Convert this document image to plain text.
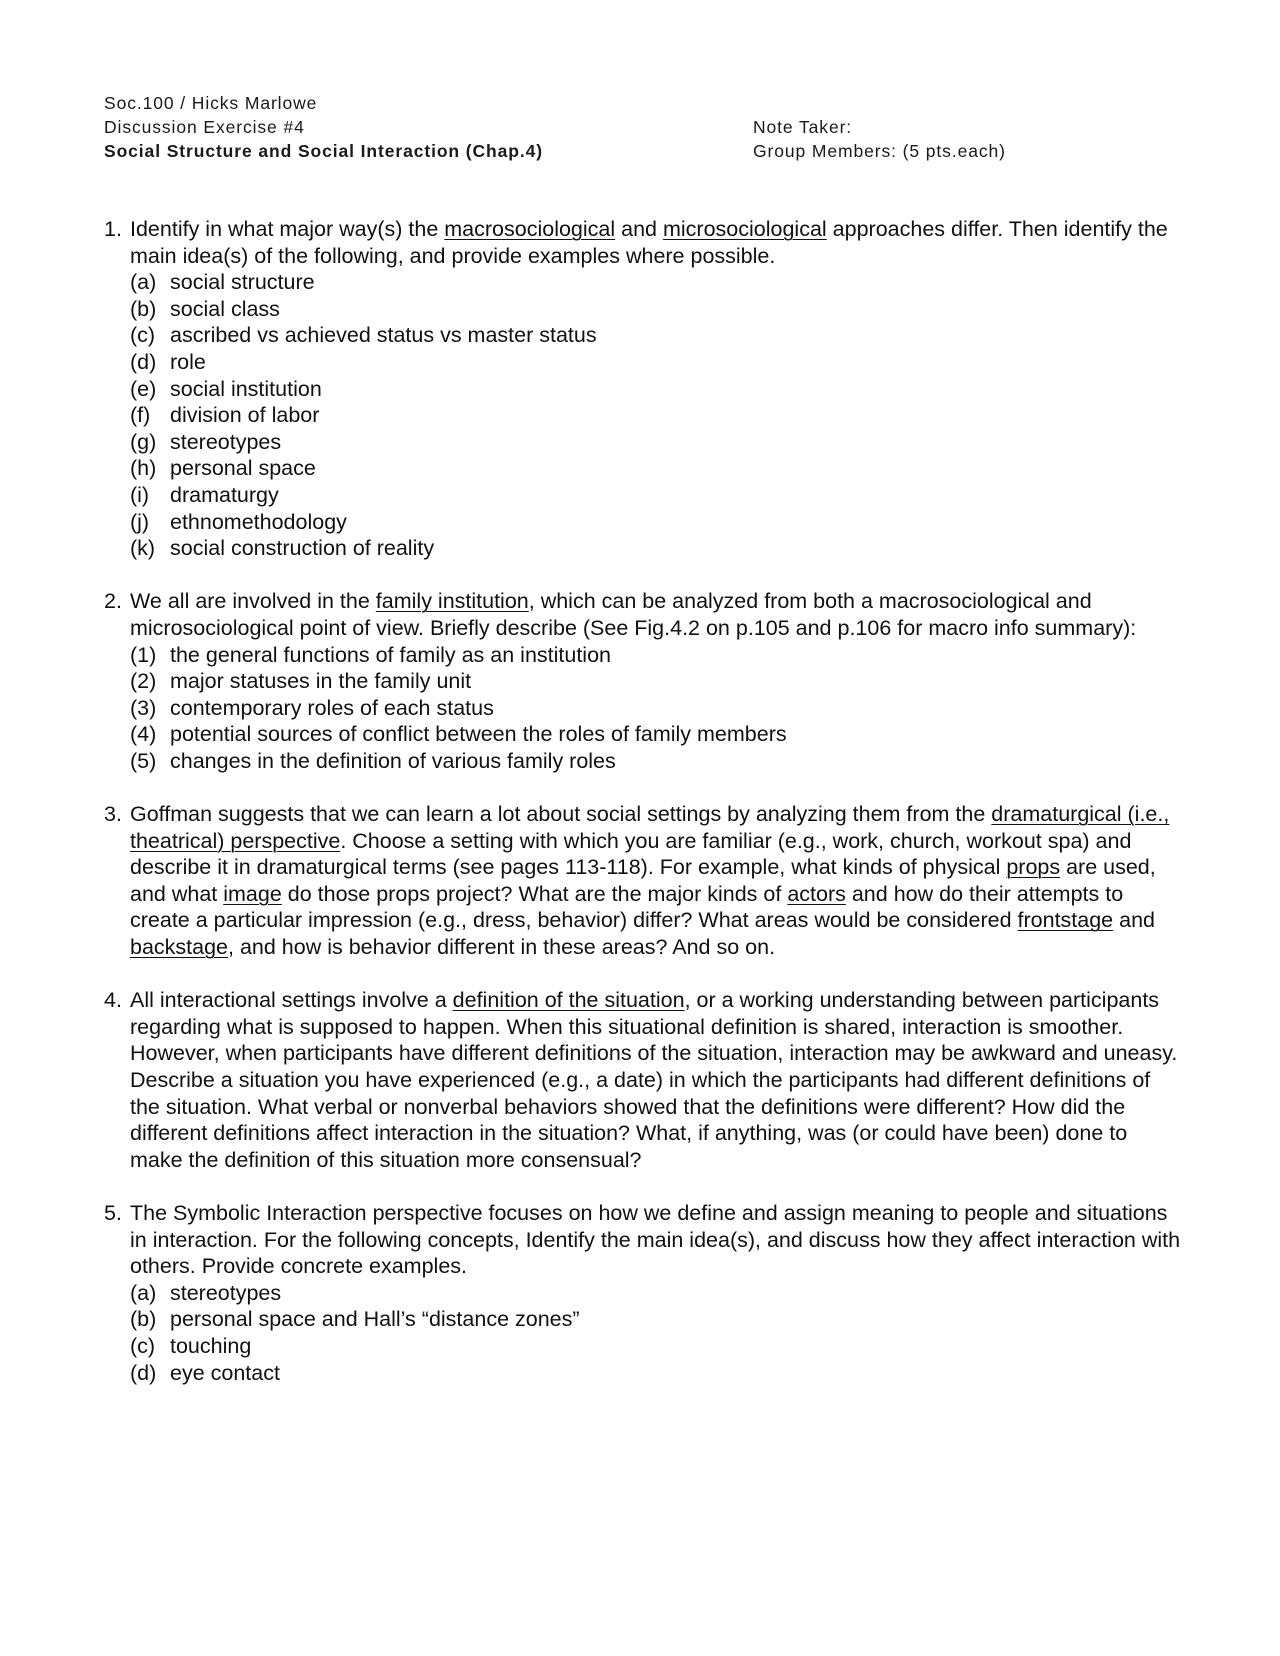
Soc.100 / Hicks Marlowe
Discussion Exercise #4
Social Structure and Social Interaction (Chap.4)
Note Taker:
Group Members: (5 pts.each)
1. Identify in what major way(s) the macrosociological and microsociological approaches differ. Then identify the main idea(s) of the following, and provide examples where possible.
(a) social structure
(b) social class
(c) ascribed vs achieved status vs master status
(d) role
(e) social institution
(f) division of labor
(g) stereotypes
(h) personal space
(i) dramaturgy
(j) ethnomethodology
(k) social construction of reality
2. We all are involved in the family institution, which can be analyzed from both a macrosociological and microsociological point of view. Briefly describe (See Fig.4.2 on p.105 and p.106 for macro info summary):
(1) the general functions of family as an institution
(2) major statuses in the family unit
(3) contemporary roles of each status
(4) potential sources of conflict between the roles of family members
(5) changes in the definition of various family roles
3. Goffman suggests that we can learn a lot about social settings by analyzing them from the dramaturgical (i.e., theatrical) perspective. Choose a setting with which you are familiar (e.g., work, church, workout spa) and describe it in dramaturgical terms (see pages 113-118). For example, what kinds of physical props are used, and what image do those props project? What are the major kinds of actors and how do their attempts to create a particular impression (e.g., dress, behavior) differ? What areas would be considered frontstage and backstage, and how is behavior different in these areas? And so on.
4. All interactional settings involve a definition of the situation, or a working understanding between participants regarding what is supposed to happen. When this situational definition is shared, interaction is smoother. However, when participants have different definitions of the situation, interaction may be awkward and uneasy. Describe a situation you have experienced (e.g., a date) in which the participants had different definitions of the situation. What verbal or nonverbal behaviors showed that the definitions were different? How did the different definitions affect interaction in the situation? What, if anything, was (or could have been) done to make the definition of this situation more consensual?
5. The Symbolic Interaction perspective focuses on how we define and assign meaning to people and situations in interaction. For the following concepts, Identify the main idea(s), and discuss how they affect interaction with others. Provide concrete examples.
(a) stereotypes
(b) personal space and Hall’s “distance zones”
(c) touching
(d) eye contact
